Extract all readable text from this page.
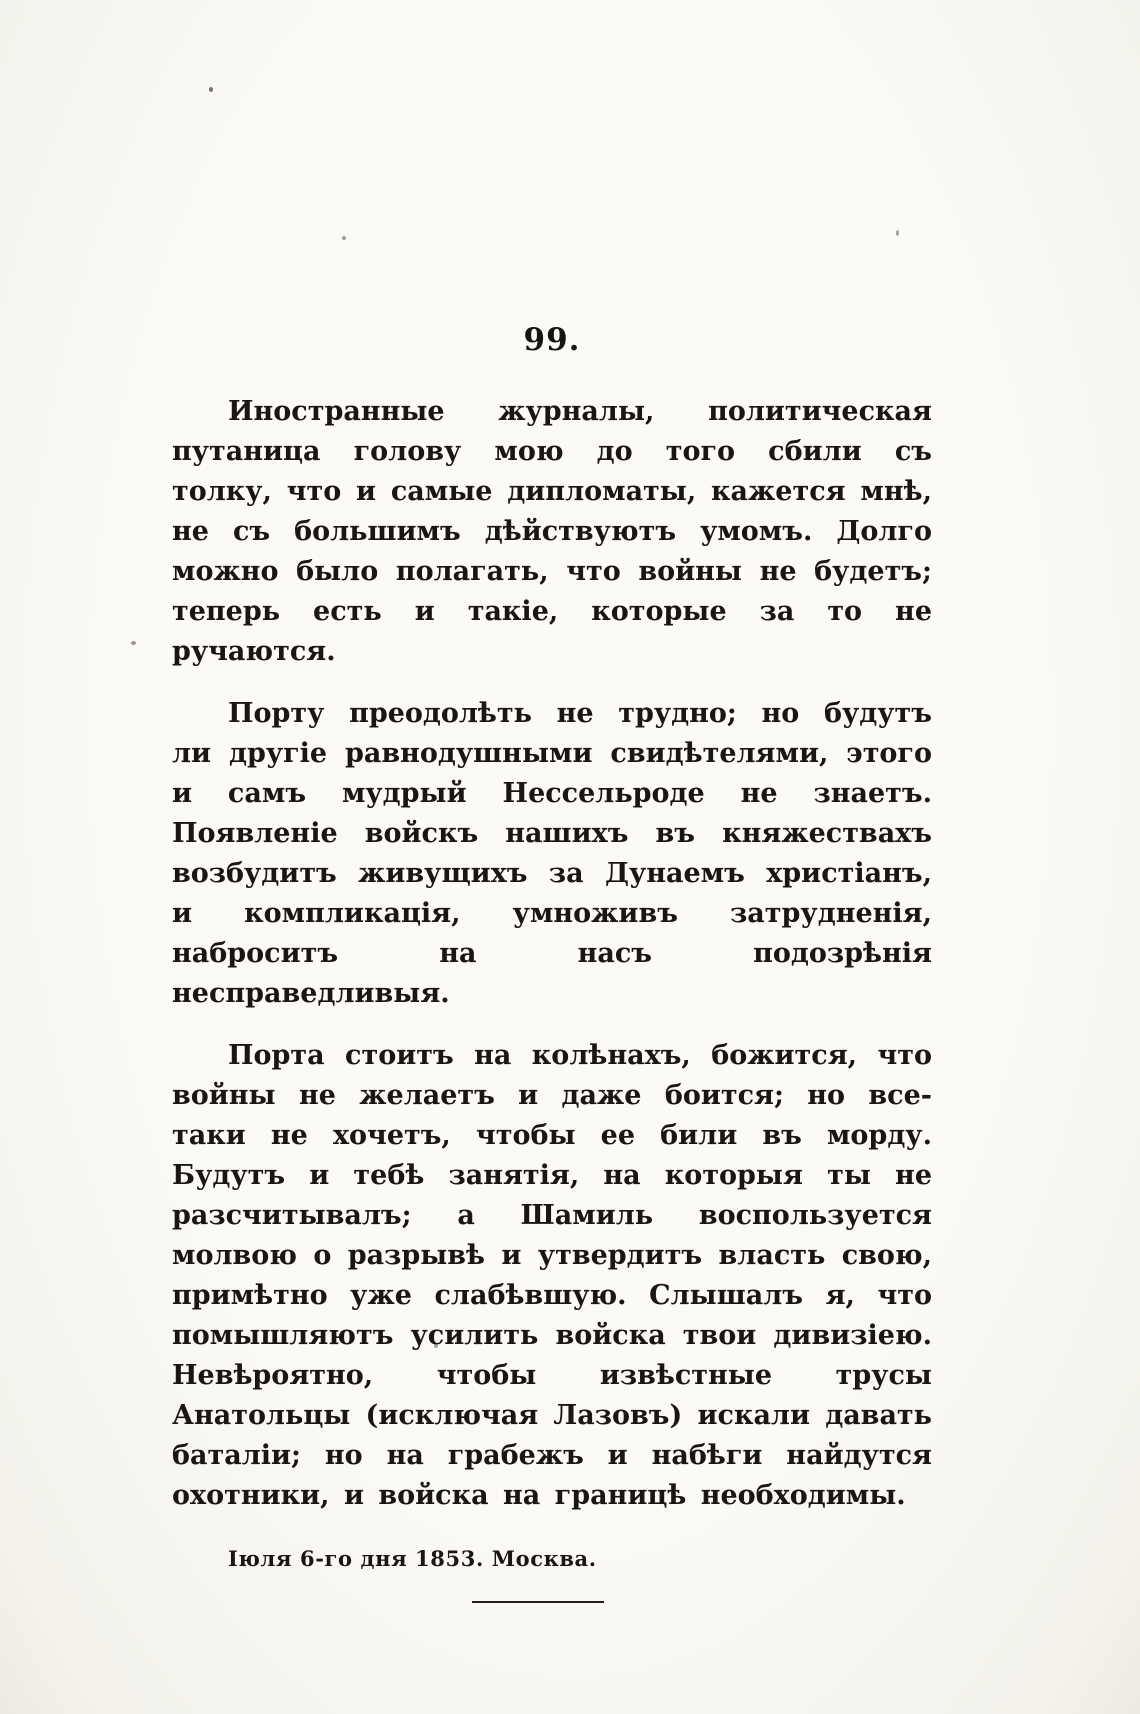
99.

Иностранные журналы, политическая путаница голову мою до того сбили съ толку, что и самые дипломаты, кажется мнѣ, не съ большимъ дѣйствуютъ умомъ. Долго можно было полагать, что войны не будетъ; теперь есть и такіе, которые за то не ручаются.

Порту преодолѣть не трудно; но будутъ ли другіе равнодушными свидѣтелями, этого и самъ мудрый Нессельроде не знаетъ. Появленіе войскъ нашихъ въ княжествахъ возбудитъ живущихъ за Дунаемъ христіанъ, и компликація, умноживъ затрудненія, наброситъ на насъ подозрѣнія несправедливыя.

Порта стоитъ на колѣнахъ, божится, что войны не желаетъ и даже боится; но все-таки не хочетъ, чтобы ее били въ морду. Будутъ и тебѣ занятія, на которыя ты не разсчитывалъ; а Шамиль воспользуется молвою о разрывѣ и утвердитъ власть свою, примѣтно уже слабѣвшую. Слышалъ я, что помышляютъ усилить войска твои дивизіею. Невѣроятно, чтобы извѣстные трусы Анатольцы (исключая Лазовъ) искали давать баталіи; но на грабежъ и набѣги найдутся охотники, и войска на границѣ необходимы.

Іюля 6-го дня 1853. Москва.
